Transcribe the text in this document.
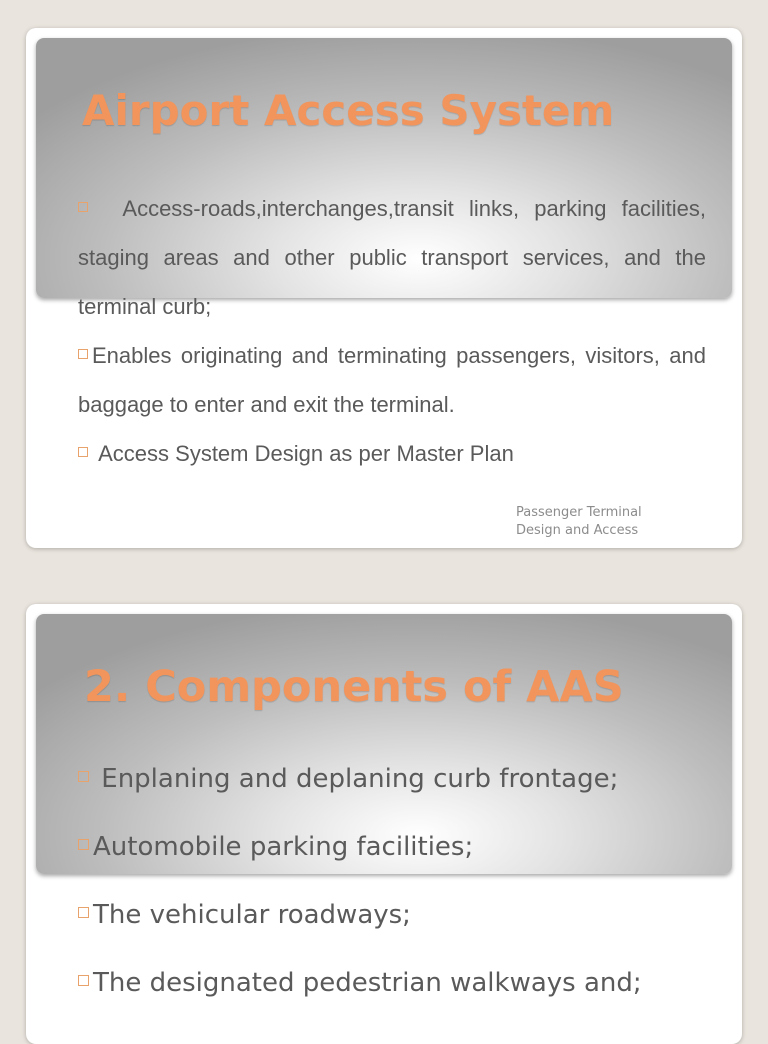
Airport Access System

Access-roads,interchanges,transit links, parking facilities, staging areas and other public transport services, and the terminal curb;

Enables originating and terminating passengers, visitors, and baggage to enter and exit the terminal.

Access System Design as per Master Plan

Passenger Terminal
Design and Access
2. Components of AAS

Enplaning and deplaning curb frontage;

Automobile parking facilities;

The vehicular roadways;

The designated pedestrian walkways and;
